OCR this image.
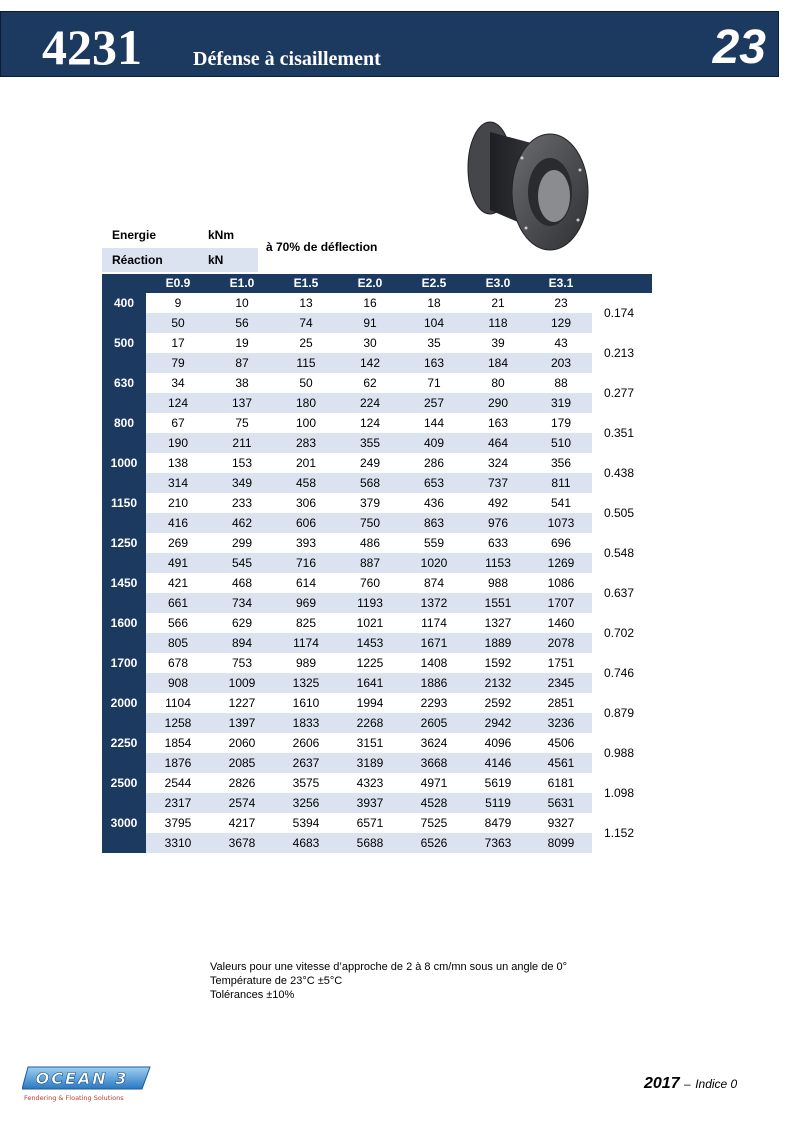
4231	Défense à cisaillement	23
Energie	kNm
Réaction	kN
à 70% de déflection
	E0.9	E1.0	E1.5	E2.0	E2.5	E3.0	E3.1	
400	9	10	13	16	18	21	23	0.174
	50	56	74	91	104	118	129	
500	17	19	25	30	35	39	43	0.213
	79	87	115	142	163	184	203	
630	34	38	50	62	71	80	88	0.277
	124	137	180	224	257	290	319	
800	67	75	100	124	144	163	179	0.351
	190	211	283	355	409	464	510	
1000	138	153	201	249	286	324	356	0.438
	314	349	458	568	653	737	811	
1150	210	233	306	379	436	492	541	0.505
	416	462	606	750	863	976	1073	
1250	269	299	393	486	559	633	696	0.548
	491	545	716	887	1020	1153	1269	
1450	421	468	614	760	874	988	1086	0.637
	661	734	969	1193	1372	1551	1707	
1600	566	629	825	1021	1174	1327	1460	0.702
	805	894	1174	1453	1671	1889	2078	
1700	678	753	989	1225	1408	1592	1751	0.746
	908	1009	1325	1641	1886	2132	2345	
2000	1104	1227	1610	1994	2293	2592	2851	0.879
	1258	1397	1833	2268	2605	2942	3236	
2250	1854	2060	2606	3151	3624	4096	4506	0.988
	1876	2085	2637	3189	3668	4146	4561	
2500	2544	2826	3575	4323	4971	5619	6181	1.098
	2317	2574	3256	3937	4528	5119	5631	
3000	3795	4217	5394	6571	7525	8479	9327	1.152
	3310	3678	4683	5688	6526	7363	8099	
Valeurs pour une vitesse d’approche de 2 à 8 cm/mn sous un angle de 0°
Température de 23°C ±5°C
Tolérances ±10%
OCEAN 3
Fendering & Floating Solutions
2017 – Indice 0
